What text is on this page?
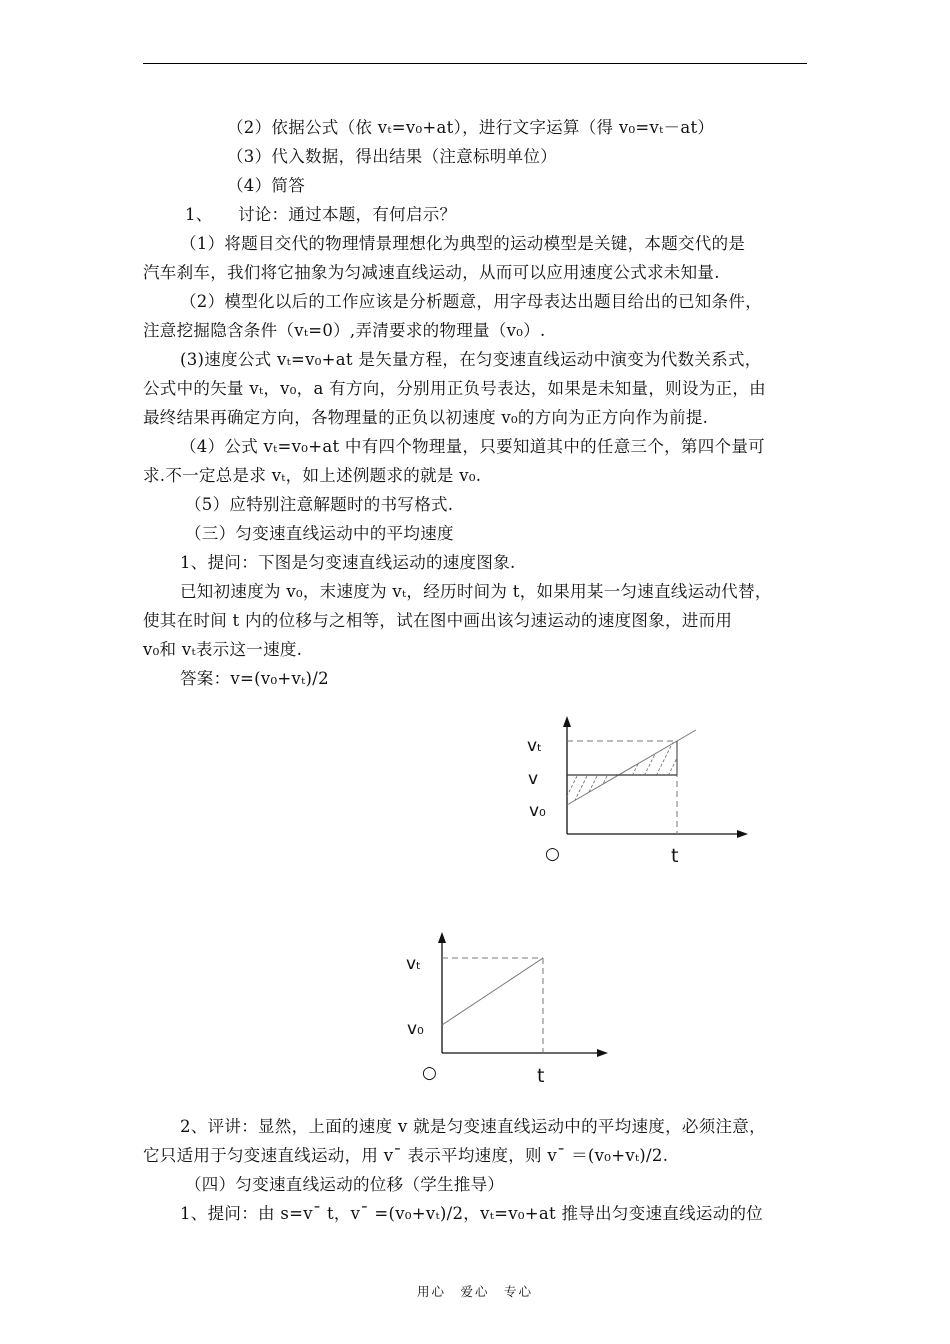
（2）依据公式（依 vₜ=v₀+at），进行文字运算（得 v₀=vₜ－at）
（3）代入数据，得出结果（注意标明单位）
（4）简答
1、　　讨论：通过本题，有何启示？
（1）将题目交代的物理情景理想化为典型的运动模型是关键，本题交代的是
汽车刹车，我们将它抽象为匀减速直线运动，从而可以应用速度公式求未知量.
（2）模型化以后的工作应该是分析题意，用字母表达出题目给出的已知条件，
注意挖掘隐含条件（vₜ=0）,弄清要求的物理量（v₀）.
(3)速度公式 vₜ=v₀+at 是矢量方程，在匀变速直线运动中演变为代数关系式，
公式中的矢量 vₜ，v₀，a 有方向，分别用正负号表达，如果是未知量，则设为正，由
最终结果再确定方向，各物理量的正负以初速度 v₀的方向为正方向作为前提.
（4）公式 vₜ=v₀+at 中有四个物理量，只要知道其中的任意三个，第四个量可
求.不一定总是求 vₜ，如上述例题求的就是 v₀.
（5）应特别注意解题时的书写格式.
（三）匀变速直线运动中的平均速度
1、提问：下图是匀变速直线运动的速度图象.
已知初速度为 v₀，末速度为 vₜ，经历时间为 t，如果用某一匀速直线运动代替，
使其在时间 t 内的位移与之相等，试在图中画出该匀速运动的速度图象，进而用
v₀和 vₜ表示这一速度.
答案：v=(v₀+vₜ)/2
2、评讲：显然，上面的速度 v 就是匀变速直线运动中的平均速度，必须注意，
它只适用于匀变速直线运动，用 v¯ 表示平均速度，则 v¯ ＝(v₀+vₜ)/2.
（四）匀变速直线运动的位移（学生推导）
1、提问：由 s=v¯ t，v¯ =(v₀+vₜ)/2，vₜ=v₀+at 推导出匀变速直线运动的位
vₜ
v
v₀
t
○
vₜ
v₀
t
○
用心　爱心　专心
